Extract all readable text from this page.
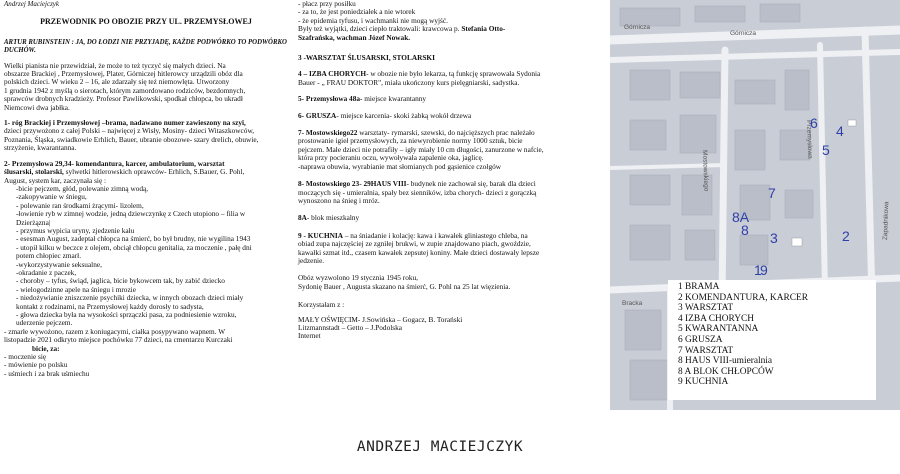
Andrzej Maciejczyk

PRZEWODNIK PO OBOZIE PRZY UL. PRZEMYSŁOWEJ

ARTUR RUBINSTEIN : JA, DO ŁODZI NIE PRZYJADĘ, KAŻDE PODWÓRKO TO PODWÓRKO DUCHÓW.

Wielki pianista nie przewidział, że może to też tyczyć się małych dzieci. Na

obszarze Brackiej , Przemysłowej, Plater, Górniczej hitlerowcy urządzili obóz dla

polskich dzieci. W wieku 2 – 16, ale zdarzały się też niemowlęta. Utworzony

1 grudnia 1942 z myślą o sierotach, którym zamordowano rodziców, bezdomnych,

sprawców drobnych kradzieży. Profesor Pawlikowski, spodkał chłopca, bo ukradł

Niemcowi dwa jabłka.

1- róg Brackiej i Przemysłowej –brama, nadawano numer zawieszony na szyi,

dzieci przywożono z całej Polski – najwięcej z Wisły, Mosiny- dzieci Witaszkowców,

Poznania, Śląska, swiadkowie Erhlich, Bauer, ubranie obozowe- szary drelich, obuwie,

strzyżenie, kwarantanna.

2- Przemysłowa 29,34- komendantura, karcer, ambulatorium, warsztat

ślusarski, stolarski, sylwetki hitlerowskich oprawców- Erhlich, S.Bauer, G. Pohl,

August, system kar, zaczynała się :

-bicie pejczem, głód, polewanie zimną wodą,

-zakopywanie w śniegu,

- polewanie ran środkami żrącymi- lizolem,

-łowienie ryb w zimnej wodzie, jedną dziewczynkę z Czech utopiono – filia w

Dzierżązna|

- przymus wypicia uryny, zjedzenie kału

- esesman August, zadeptał chłopca na śmierć, bo był brudny, nie wygilina 1943

- utopił kilku w beczce z olejem, obciął chłopcu genitalia, za moczenie , pałę dni

potem chłopiec zmarł.

-wykorzystywanie seksualne,

-okradanie z paczek,

- choroby – tyfus, świąd, jaglica, bicie bykowcem tak, by zabić dziecko

- wielogodzinne apele na śniegu i mrozie

- niedożywianie zniszczenie psychiki dziecka, w innych obozach dzieci miały

kontakt z rodzinami, na Przemysłowej każdy dorosły to sadysta,

- głowa dziecka była na wysokości sprzączki pasa, za podniesienie wzroku,

uderzenie pejczem.

- zmarłe wywożono, razem z koniugacymi, ciałka posypywano wapnem. W

listopadzie 2021 odkryto miejsce pochówku 77 dzieci, na cmentarzu Kurczaki

bicie, za:

- moczenie się

- mówienie po polsku

- uśmiech i za brak uśmiechu

- płacz przy posiłku

- za to, że jest poniedziałek a nie wtorek

- że epidemia tyfusu, i wachmanki nie mogą wyjść.

Były też wyjątki, dzieci ciepło traktowali: krawcowa p. Stefania Otto-

Szafrańska, wachman Józef Nowak.

3 -WARSZTAT ŚLUSARSKI, STOLARSKI

4 – IZBA CHORYCH- w obozie nie było lekarza, tą funkcję sprawowała Sydonia

Bauer - „ FRAU DOKTOR", miała ukończony kurs pielęgniarski, sadystka.

5- Przemysłowa 48a- miejsce kwarantanny

6- GRUSZA- miejsce karcenia- skoki żabką wokół drzewa

7- Mostowskiego22 warsztaty- rymarski, szewski, do najcięższych prac należało

prostowanie igieł przemysłowych, za niewyrobienie normy 1000 sztuk, bicie

pejczem. Małe dzieci nie potrafiły – igły miały 10 cm długości, zanurzone w nafcie,

która przy pocieraniu oczu, wywoływała zapalenie oka, jaglicę.

-naprawa obuwia, wyrabianie mat słomianych pod gąsienice czołgów

8- Mostowskiego 23- 29HAUS VIII- budynek nie zachował się, barak dla dzieci

moczących się - umieralnia, spały bez sienników, izba chorych- dzieci z gorączką

wynoszono na śnieg i mróz.

8A- blok mieszkalny

9 - KUCHNIA – na śniadanie i kolację: kawa i kawałek gliniastego chleba, na

obiad zupa najczęściej ze zgniłej brukwi, w zupie znajdowano piach, gwoździe,

kawałki szmat itd., czasem kawałek zepsutej koniny. Małe dzieci dostawały lepsze

jedzenie.

Obóz wyzwolono 19 stycznia 1945 roku,

Sydonię Bauer , Augusta skazano na śmierć, G. Pohl na 25 lat więzienia.

Korzystałam z :

MAŁY OŚWIĘCIM- J.Sowińska – Gogacz, B. Torański

Litzmannstadt – Getto – J.Podolska

Internet

Górnicza
Górnicza
Mostowskiego
Przemysłowa
Zapadnikowa
Bracka
1
2
3
4
5
6
7
8
8A
9
1 BRAMA
2 KOMENDANTURA, KARCER
3 WARSZTAT
4 IZBA CHORYCH
5 KWARANTANNA
6 GRUSZA
7 WARSZTAT
8 HAUS VIII-umieralnia
8 A BLOK CHŁOPCÓW
9 KUCHNIA
ANDRZEJ MACIEJCZYK
